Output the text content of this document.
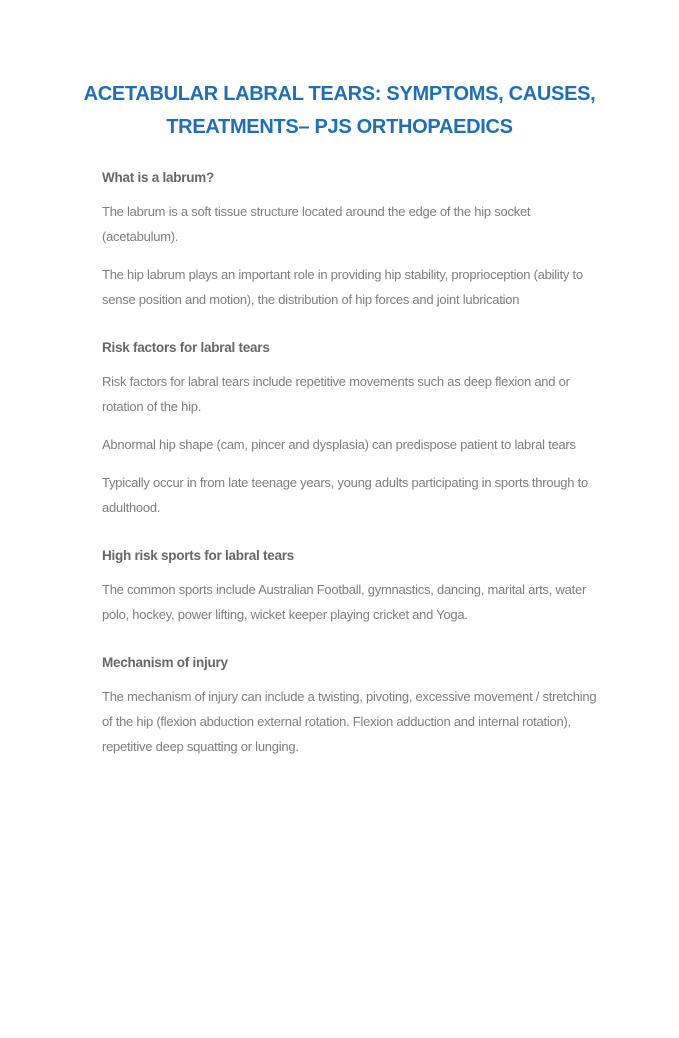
ACETABULAR LABRAL TEARS: SYMPTOMS, CAUSES, TREATMENTS– PJS ORTHOPAEDICS
What is a labrum?

The labrum is a soft tissue structure located around the edge of the hip socket (acetabulum).

The hip labrum plays an important role in providing hip stability, proprioception (ability to sense position and motion), the distribution of hip forces and joint lubrication

Risk factors for labral tears

Risk factors for labral tears include repetitive movements such as deep flexion and or rotation of the hip.

Abnormal hip shape (cam, pincer and dysplasia) can predispose patient to labral tears

Typically occur in from late teenage years, young adults participating in sports through to adulthood.

High risk sports for labral tears

The common sports include Australian Football, gymnastics, dancing, marital arts, water polo, hockey, power lifting, wicket keeper playing cricket and Yoga.

Mechanism of injury

The mechanism of injury can include a twisting, pivoting, excessive movement / stretching of the hip (flexion abduction external rotation. Flexion adduction and internal rotation), repetitive deep squatting or lunging.
